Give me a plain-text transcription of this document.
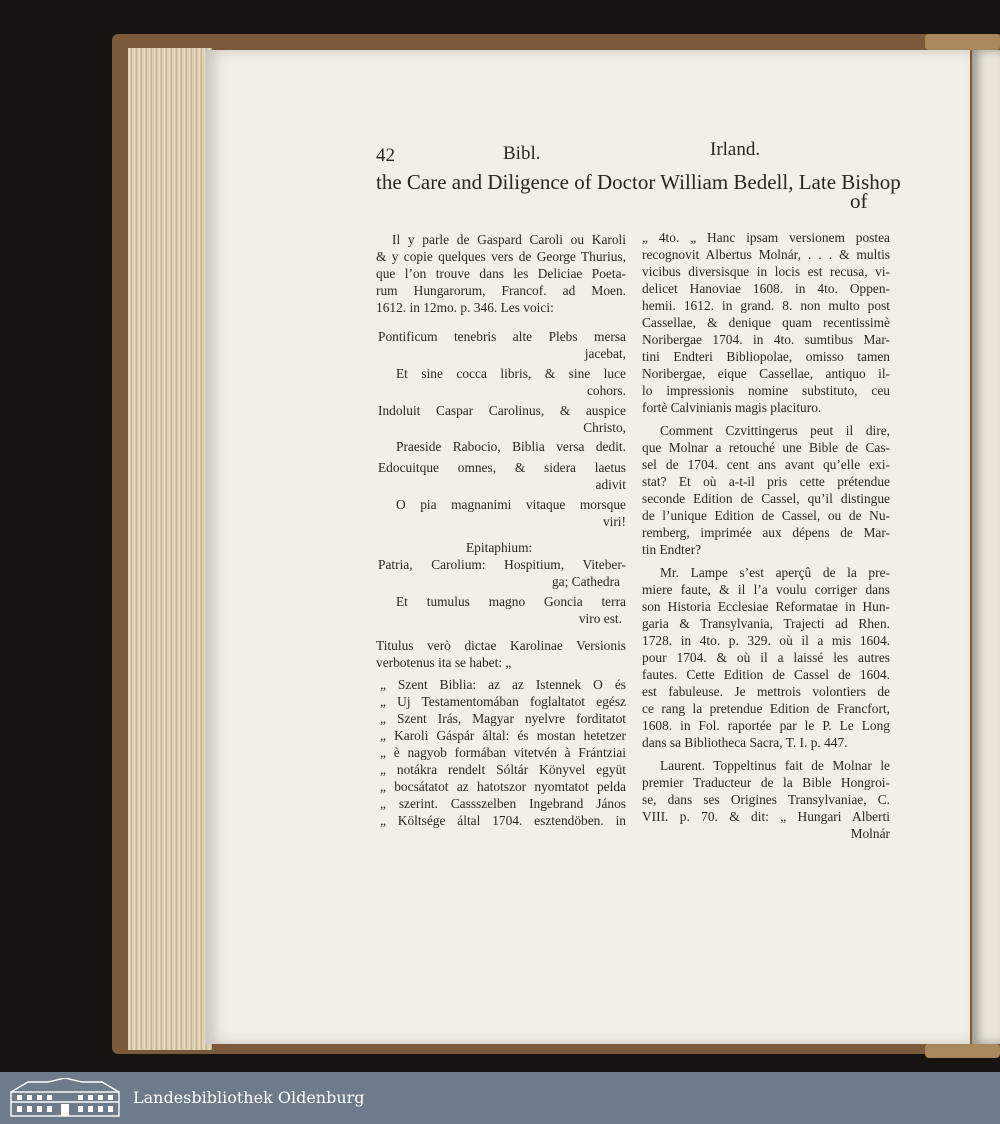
42	Bibl.	Irland.
the Care and Diligence of Doctor William Bedell, Late Bishop
of
Il y parle de Gaspard Caroli ou Karoli
& y copie quelques vers de George Thurius,
que l’on trouve dans les Deliciae Poeta-
rum Hungarorum, Francof. ad Moen.
1612. in 12mo. p. 346. Les voici:
Pontificum tenebris alte Plebs mersa
jacebat,
Et sine cocca libris, & sine luce
cohors.
Indoluit Caspar Carolinus, & auspice
Christo,
Praeside Rabocio, Biblia versa dedit.
Edocuitque omnes, & sidera laetus
adivit
O pia magnanimi vitaque morsque
viri!
Epitaphium:
Patria, Carolium: Hospitium, Viteber-
ga; Cathedra
Et tumulus magno Goncia terra
viro est.
Titulus verò dictae Karolinae Versionis
verbotenus ita se habet: „
„ Szent Biblia: az az Istennek O és
„ Uj Testamentomában foglaltatot egész
„ Szent Irás, Magyar nyelvre forditatot
„ Karoli Gáspár által: és mostan hetetzer
„ è nagyob formában vitetvén à Frántziai
„ notákra rendelt Sóltár Könyvel együt
„ bocsátatot az hatotszor nyomtatot pelda
„ szerint. Cassszelben Ingebrand János
„ Költsége által 1704. esztendöben. in
„ 4to. „ Hanc ipsam versionem postea
recognovit Albertus Molnár, . . . & multis
vicibus diversisque in locis est recusa, vi-
delicet Hanoviae 1608. in 4to. Oppen-
hemii. 1612. in grand. 8. non multo post
Cassellae, & denique quam recentissimè
Noribergae 1704. in 4to. sumtibus Mar-
tini Endteri Bibliopolae, omisso tamen
Noribergae, eique Cassellae, antiquo il-
lo impressionis nomine substituto, ceu
fortè Calvinianis magis placituro.
Comment Czvittingerus peut il dire,
que Molnar a retouché une Bible de Cas-
sel de 1704. cent ans avant qu’elle exi-
stat? Et où a-t-il pris cette prétendue
seconde Edition de Cassel, qu’il distingue
de l’unique Edition de Cassel, ou de Nu-
remberg, imprimée aux dépens de Mar-
tin Endter?
Mr. Lampe s’est aperçû de la pre-
miere faute, & il l’a voulu corriger dans
son Historia Ecclesiae Reformatae in Hun-
garia & Transylvania, Trajecti ad Rhen.
1728. in 4to. p. 329. où il a mis 1604.
pour 1704. & où il a laissé les autres
fautes. Cette Edition de Cassel de 1604.
est fabuleuse. Je mettrois volontiers de
ce rang la pretendue Edition de Francfort,
1608. in Fol. raportée par le P. Le Long
dans sa Bibliotheca Sacra, T. I. p. 447.
Laurent. Toppeltinus fait de Molnar le
premier Traducteur de la Bible Hongroi-
se, dans ses Origines Transylvaniae, C.
VIII. p. 70. & dit: „ Hungari Alberti
Molnár
Landesbibliothek Oldenburg
